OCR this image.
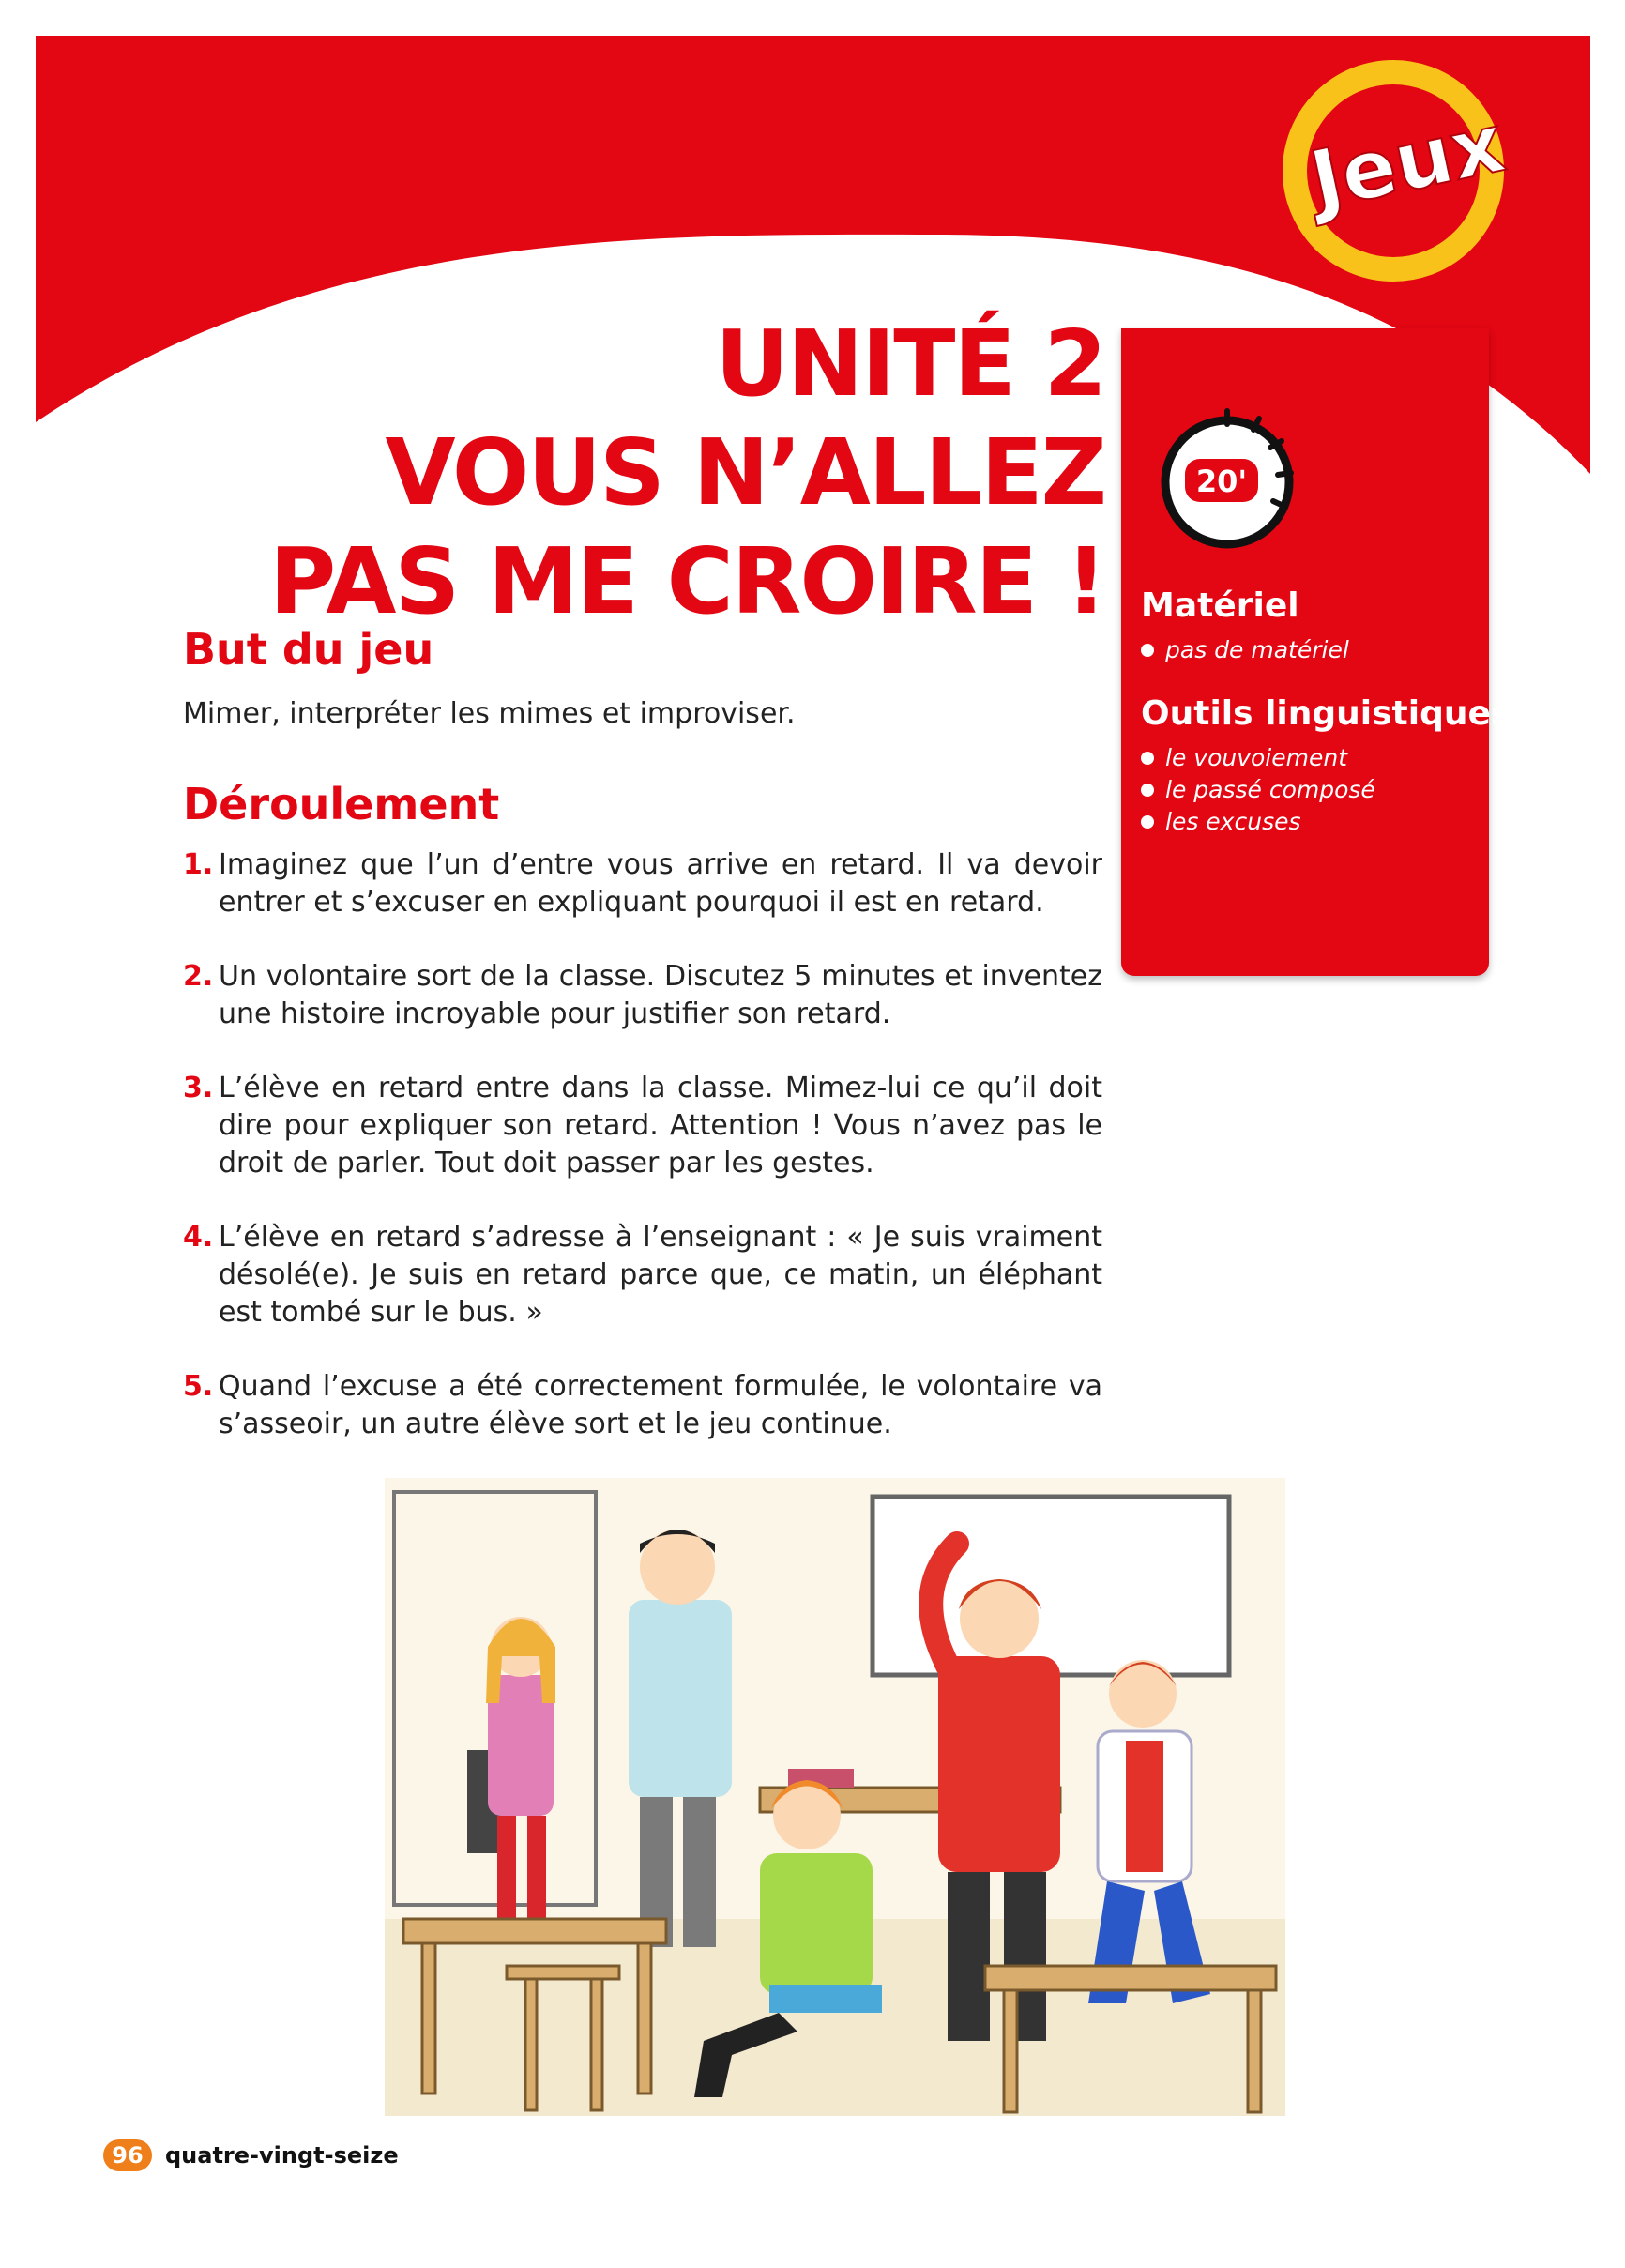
Jeux
UNITÉ 2
VOUS N’ALLEZ
PAS ME CROIRE !
But du jeu

Mimer, interpréter les mimes et improviser.

Déroulement
1. Imaginez que l’un d’entre vous arrive en retard. Il va devoir entrer et s’excuser en expliquant pourquoi il est en retard.
2. Un volontaire sort de la classe. Discutez 5 minutes et inventez une histoire incroyable pour justifier son retard.
3. L’élève en retard entre dans la classe. Mimez-lui ce qu’il doit dire pour expliquer son retard. Attention ! Vous n’avez pas le droit de parler. Tout doit passer par les gestes.
4. L’élève en retard s’adresse à l’enseignant : « Je suis vraiment désolé(e). Je suis en retard parce que, ce matin, un éléphant est tombé sur le bus. »
5. Quand l’excuse a été correctement formulée, le volontaire va s’asseoir, un autre élève sort et le jeu continue.
20'
Matériel
pas de matériel
Outils linguistiques
le vouvoiement
le passé composé
les excuses
96 quatre-vingt-seize
